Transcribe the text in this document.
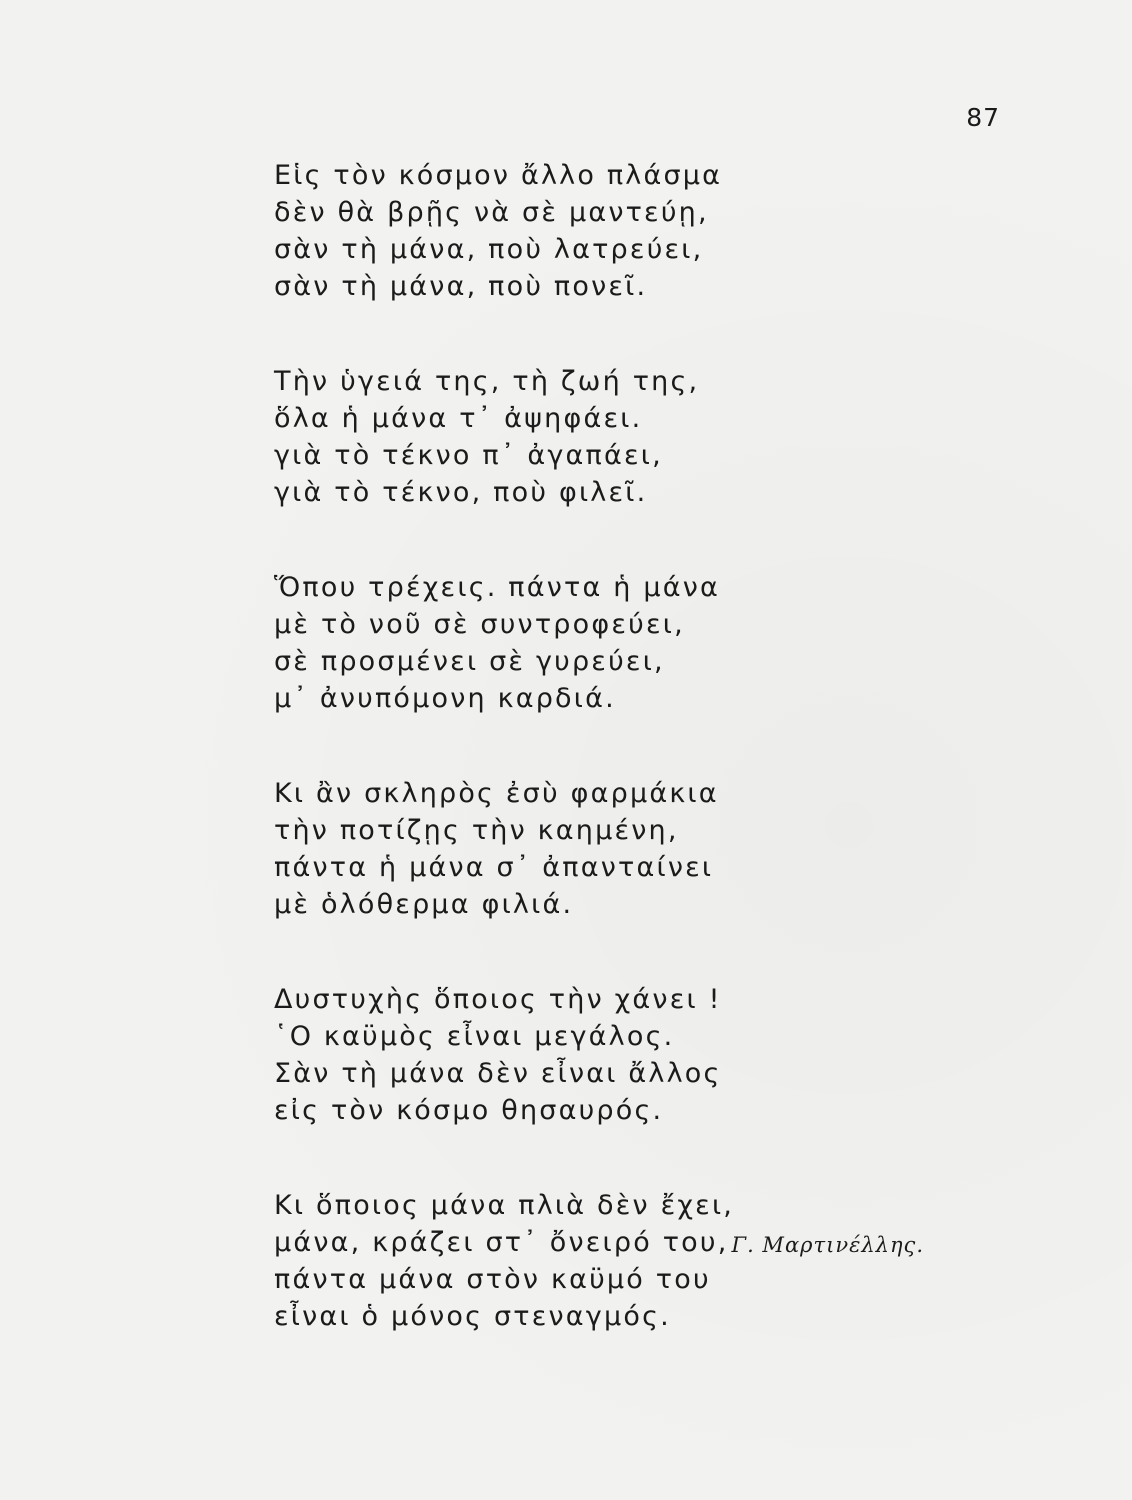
87
Εἱς τὸν κόσμον ἄλλο πλάσμα
δὲν θὰ βρῇς νὰ σὲ μαντεύῃ,
σὰν τὴ μάνα, ποὺ λατρεύει,
σὰν τὴ μάνα, ποὺ πονεῖ.
Τὴν ὑγειά της, τὴ ζωή της,
ὅλα ἡ μάνα τ᾿ ἀψηφάει.
γιὰ τὸ τέκνο π᾿ ἀγαπάει,
γιὰ τὸ τέκνο, ποὺ φιλεῖ.
Ὅπου τρέχεις. πάντα ἡ μάνα
μὲ τὸ νοῦ σὲ συντροφεύει,
σὲ προσμένει σὲ γυρεύει,
μ᾿ ἀνυπόμονη καρδιά.
Κι ἂν σκληρὸς ἐσὺ φαρμάκια
τὴν ποτίζῃς τὴν καημένη,
πάντα ἡ μάνα σ᾿ ἀπανταίνει
μὲ ὁλόθερμα φιλιά.
Δυστυχὴς ὅποιος τὴν χάνει !
῾Ο καϋμὸς εἶναι μεγάλος.
Σὰν τὴ μάνα δὲν εἶναι ἄλλος
εἰς τὸν κόσμο θησαυρός.
Κι ὅποιος μάνα πλιὰ δὲν ἔχει,
μάνα, κράζει στ᾿ ὄνειρό του,
πάντα μάνα στὸν καϋμό του
εἶναι ὁ μόνος στεναγμός.
Γ. Μαρτινέλλης.
